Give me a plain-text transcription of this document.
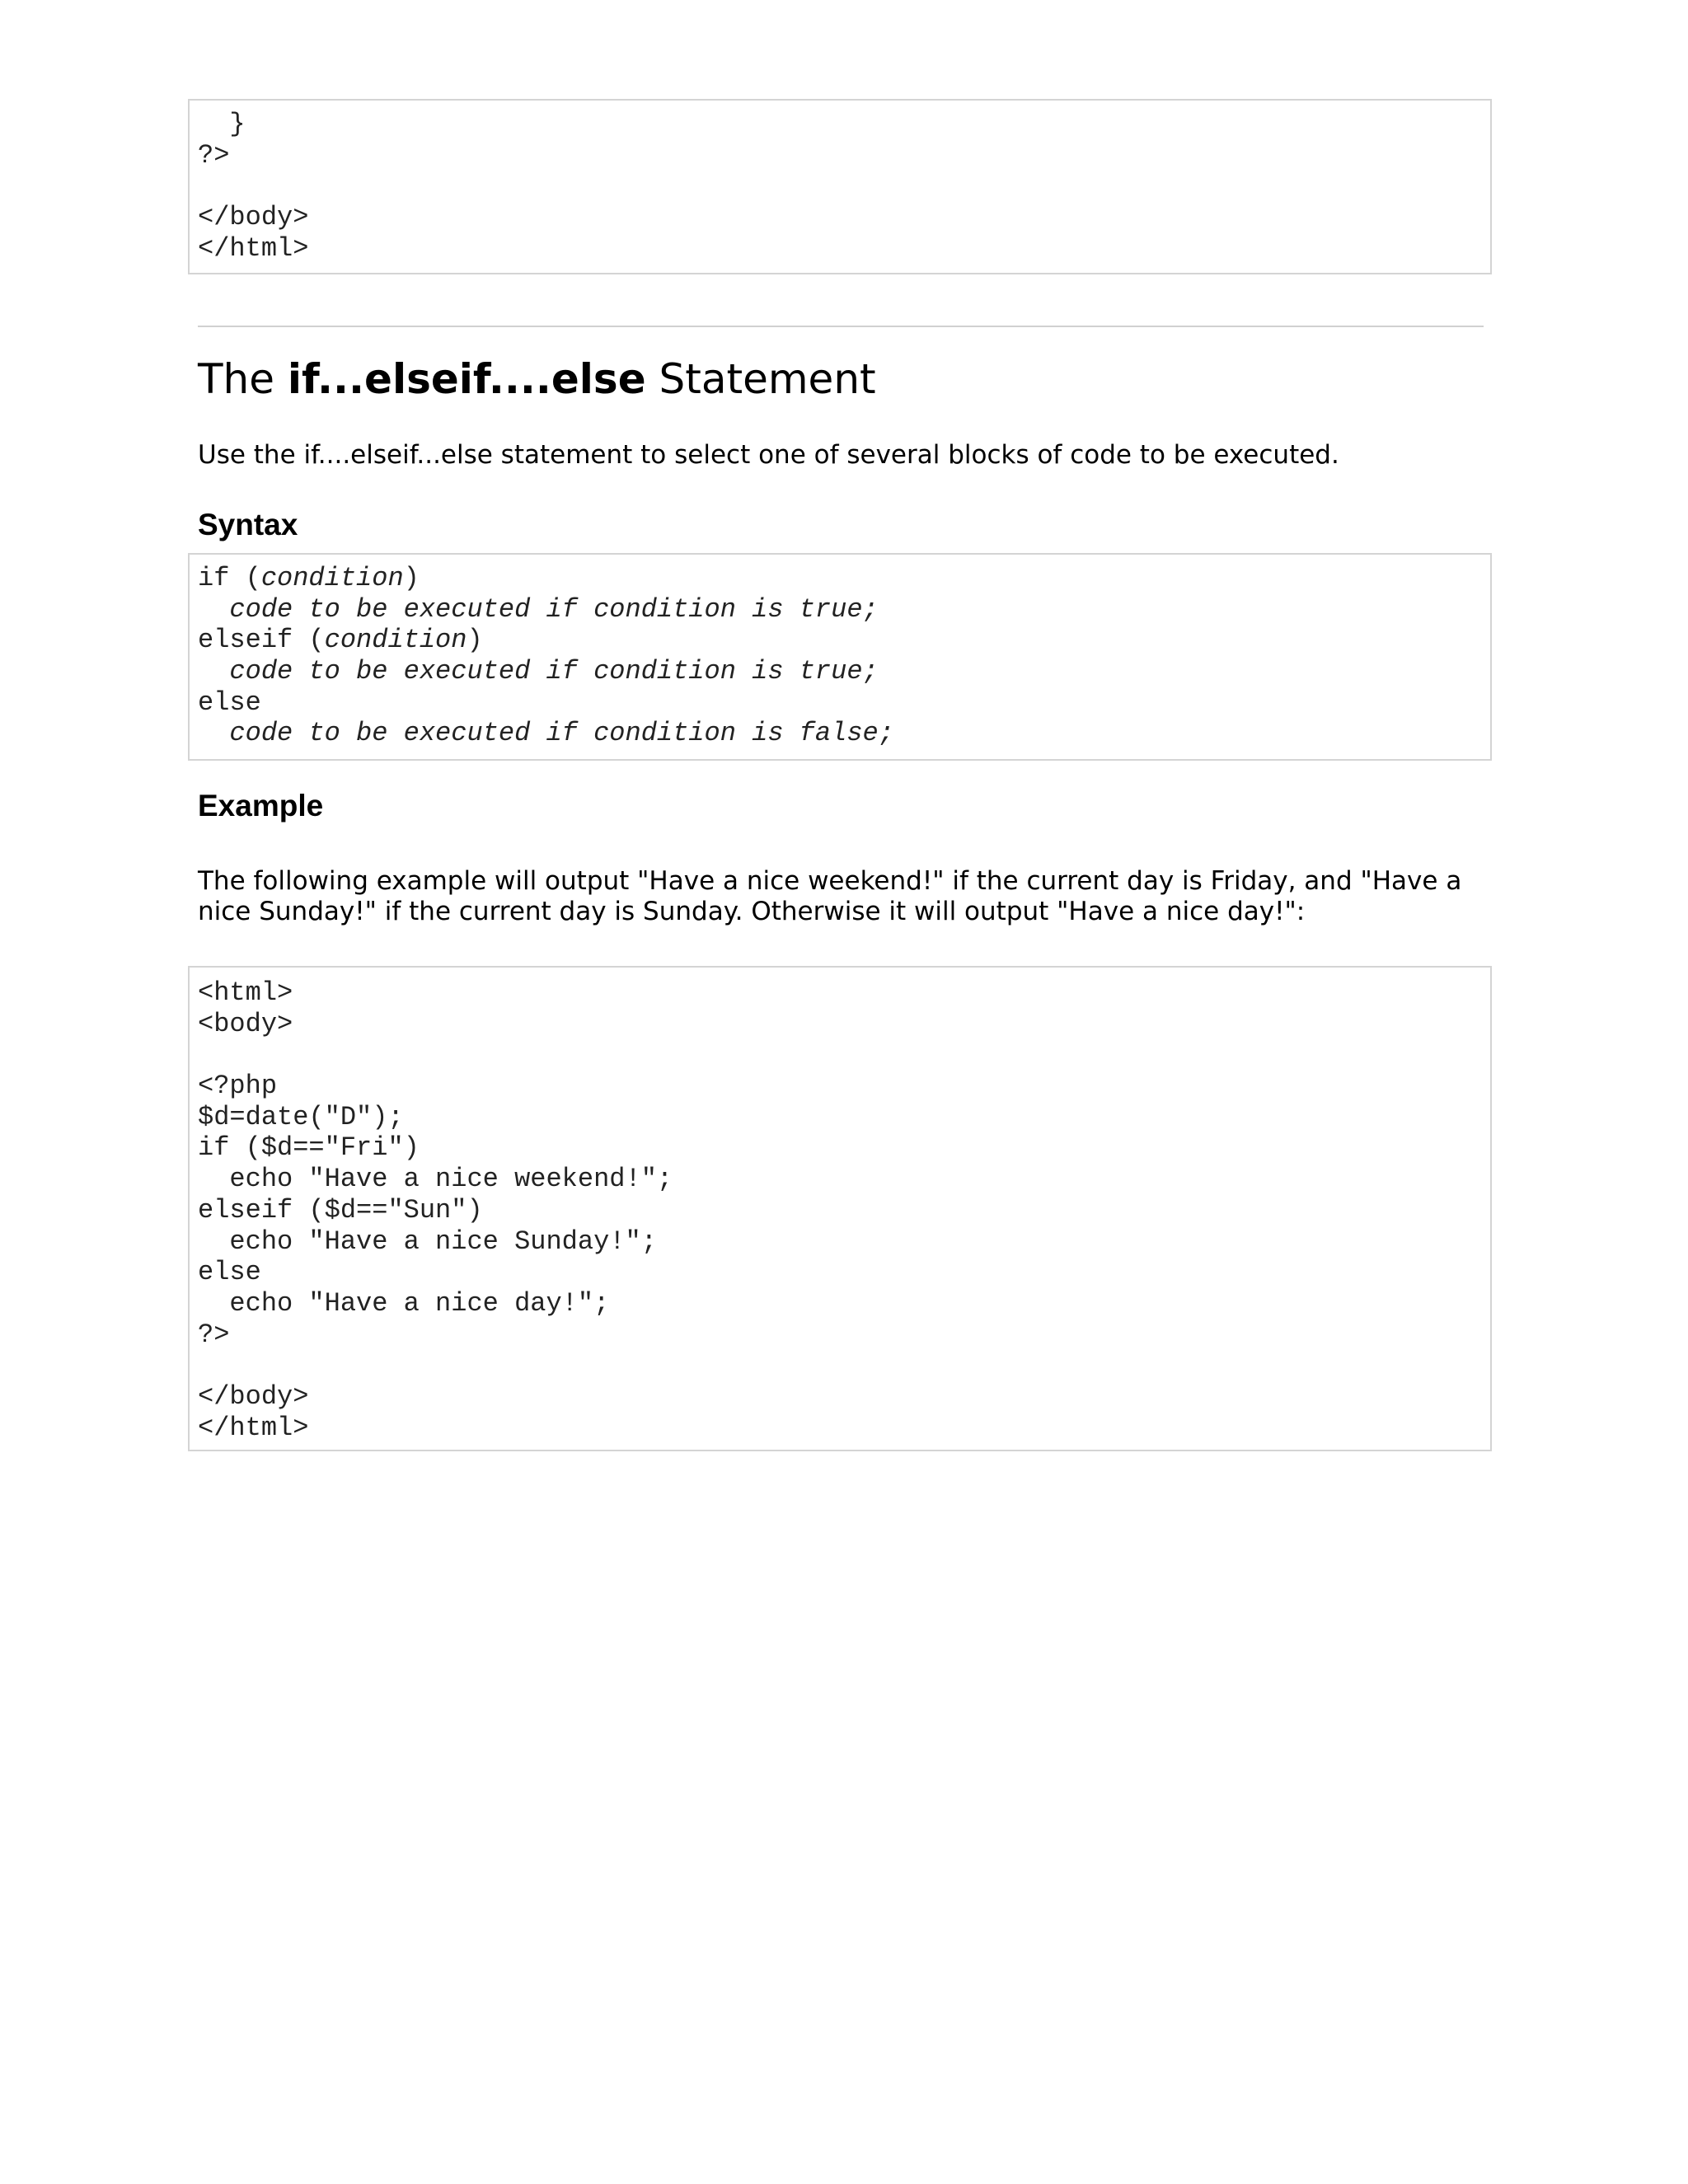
}
?>
</body>
</html>
The if...elseif....else Statement

Use the if....elseif...else statement to select one of several blocks of code to be executed.

Syntax
if (condition)
code to be executed if condition is true;
elseif (condition)
code to be executed if condition is true;
else
code to be executed if condition is false;
Example

The following example will output "Have a nice weekend!" if the current day is Friday, and "Have a nice Sunday!" if the current day is Sunday. Otherwise it will output "Have a nice day!":

<html>
<body>
<?php
$d=date("D");
if ($d=="Fri")
echo "Have a nice weekend!";
elseif ($d=="Sun")
echo "Have a nice Sunday!";
else
echo "Have a nice day!";
?>
</body>
</html>
